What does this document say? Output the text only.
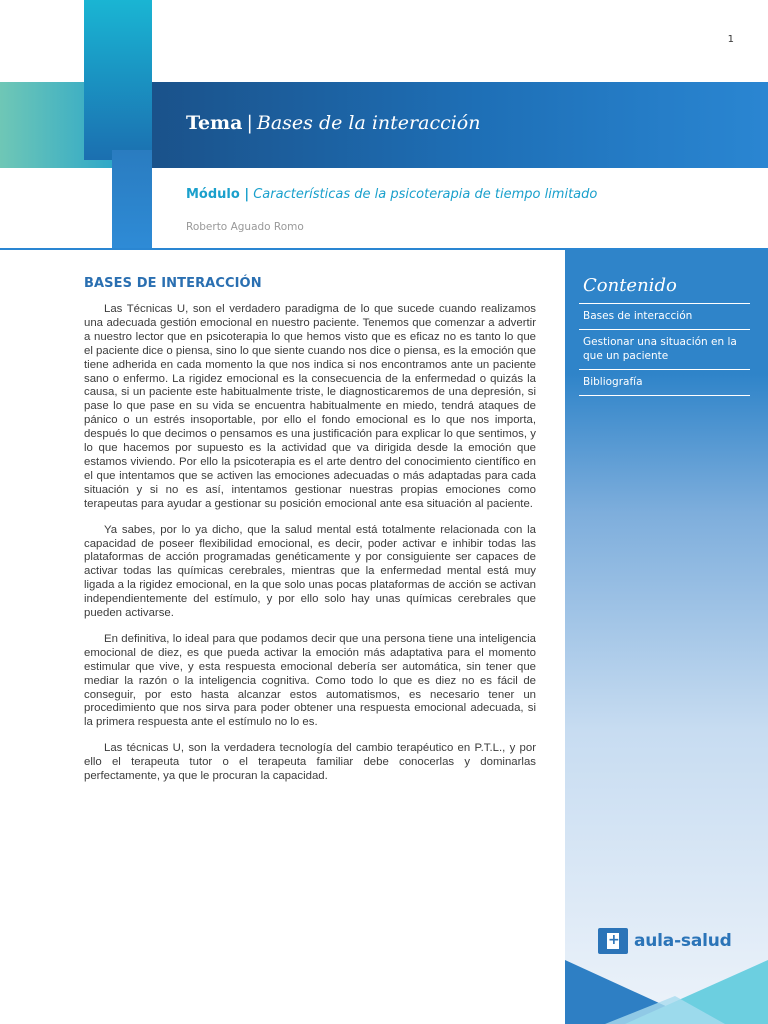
1
Tema | Bases de la interacción
Módulo | Características de la psicoterapia de tiempo limitado
Roberto Aguado Romo
BASES DE INTERACCIÓN

Las Técnicas U, son el verdadero paradigma de lo que sucede cuando realizamos una adecuada gestión emocional en nuestro paciente. Tenemos que comenzar a advertir a nuestro lector que en psicoterapia lo que hemos visto que es eficaz no es tanto lo que el paciente dice o piensa, sino lo que siente cuando nos dice o piensa, es la emoción que tiene adherida en cada momento la que nos indica si nos encontramos ante un paciente sano o enfermo. La rigidez emocional es la consecuencia de la enfermedad o quizás la causa, si un paciente este habitualmente triste, le diagnosticaremos de una depresión, si pase lo que pase en su vida se encuentra habitualmente en miedo, tendrá ataques de pánico o un estrés insoportable, por ello el fondo emocional es lo que nos importa, después lo que decimos o pensamos es una justificación para explicar lo que sentimos, y lo que hacemos por supuesto es la actividad que va dirigida desde la emoción que estamos viviendo. Por ello la psicoterapia es el arte dentro del conocimiento científico en el que intentamos que se activen las emociones adecuadas o más adaptadas para cada situación y si no es así, intentamos gestionar nuestras propias emociones como terapeutas para ayudar a gestionar su posición emocional ante esa situación al paciente.

Ya sabes, por lo ya dicho, que la salud mental está totalmente relacionada con la capacidad de poseer flexibilidad emocional, es decir, poder activar e inhibir todas las plataformas de acción programadas genéticamente y por consiguiente ser capaces de activar todas las químicas cerebrales, mientras que la enfermedad mental está muy ligada a la rigidez emocional, en la que solo unas pocas plataformas de acción se activan independientemente del estímulo, y por ello solo hay unas químicas cerebrales que pueden activarse.

En definitiva, lo ideal para que podamos decir que una persona tiene una inteligencia emocional de diez, es que pueda activar la emoción más adaptativa para el momento estimular que vive, y esta respuesta emocional debería ser automática, sin tener que mediar la razón o la inteligencia cognitiva. Como todo lo que es diez no es fácil de conseguir, por esto hasta alcanzar estos automatismos, es necesario tener un procedimiento que nos sirva para poder obtener una respuesta emocional adecuada, si la primera respuesta ante el estímulo no lo es.

Las técnicas U, son la verdadera tecnología del cambio terapéutico en P.T.L., y por ello el terapeuta tutor o el terapeuta familiar debe conocerlas y dominarlas perfectamente, ya que le procuran la capacidad.

Contenido
Bases de interacción
Gestionar una situación en la que un paciente
Bibliografía
+
aula-salud
